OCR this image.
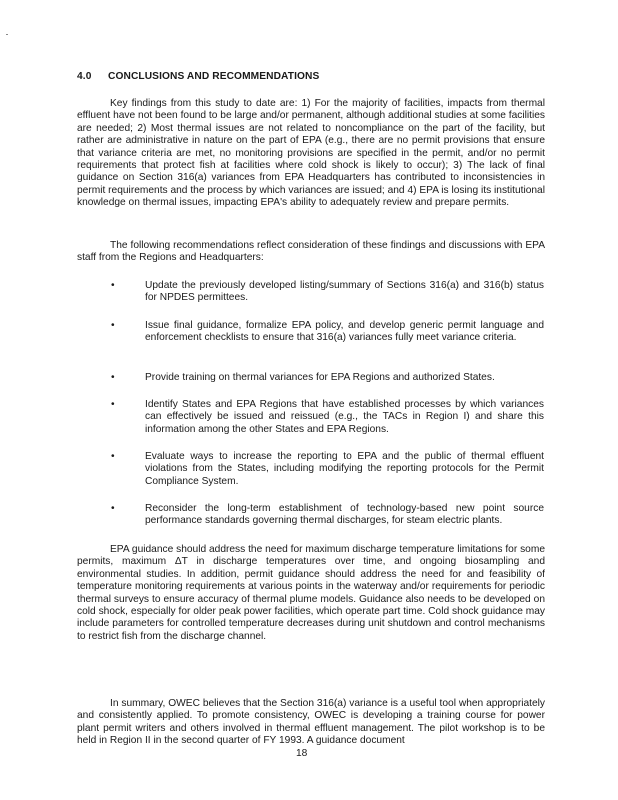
4.0 CONCLUSIONS AND RECOMMENDATIONS

Key findings from this study to date are: 1) For the majority of facilities, impacts from thermal effluent have not been found to be large and/or permanent, although additional studies at some facilities are needed; 2) Most thermal issues are not related to noncompliance on the part of the facility, but rather are administrative in nature on the part of EPA (e.g., there are no permit provisions that ensure that variance criteria are met, no monitoring provisions are specified in the permit, and/or no permit requirements that protect fish at facilities where cold shock is likely to occur); 3) The lack of final guidance on Section 316(a) variances from EPA Headquarters has contributed to inconsistencies in permit requirements and the process by which variances are issued; and 4) EPA is losing its institutional knowledge on thermal issues, impacting EPA's ability to adequately review and prepare permits.

The following recommendations reflect consideration of these findings and discussions with EPA staff from the Regions and Headquarters:

•	Update the previously developed listing/summary of Sections 316(a) and 316(b) status for NPDES permittees.
•	Issue final guidance, formalize EPA policy, and develop generic permit language and enforcement checklists to ensure that 316(a) variances fully meet variance criteria.
•	Provide training on thermal variances for EPA Regions and authorized States.
•	Identify States and EPA Regions that have established processes by which variances can effectively be issued and reissued (e.g., the TACs in Region I) and share this information among the other States and EPA Regions.
•	Evaluate ways to increase the reporting to EPA and the public of thermal effluent violations from the States, including modifying the reporting protocols for the Permit Compliance System.
•	Reconsider the long-term establishment of technology-based new point source performance standards governing thermal discharges, for steam electric plants.

EPA guidance should address the need for maximum discharge temperature limitations for some permits, maximum ΔT in discharge temperatures over time, and ongoing biosampling and environmental studies. In addition, permit guidance should address the need for and feasibility of temperature monitoring requirements at various points in the waterway and/or requirements for periodic thermal surveys to ensure accuracy of thermal plume models. Guidance also needs to be developed on cold shock, especially for older peak power facilities, which operate part time. Cold shock guidance may include parameters for controlled temperature decreases during unit shutdown and control mechanisms to restrict fish from the discharge channel.

In summary, OWEC believes that the Section 316(a) variance is a useful tool when appropriately and consistently applied. To promote consistency, OWEC is developing a training course for power plant permit writers and others involved in thermal effluent management. The pilot workshop is to be held in Region II in the second quarter of FY 1993. A guidance document

18
